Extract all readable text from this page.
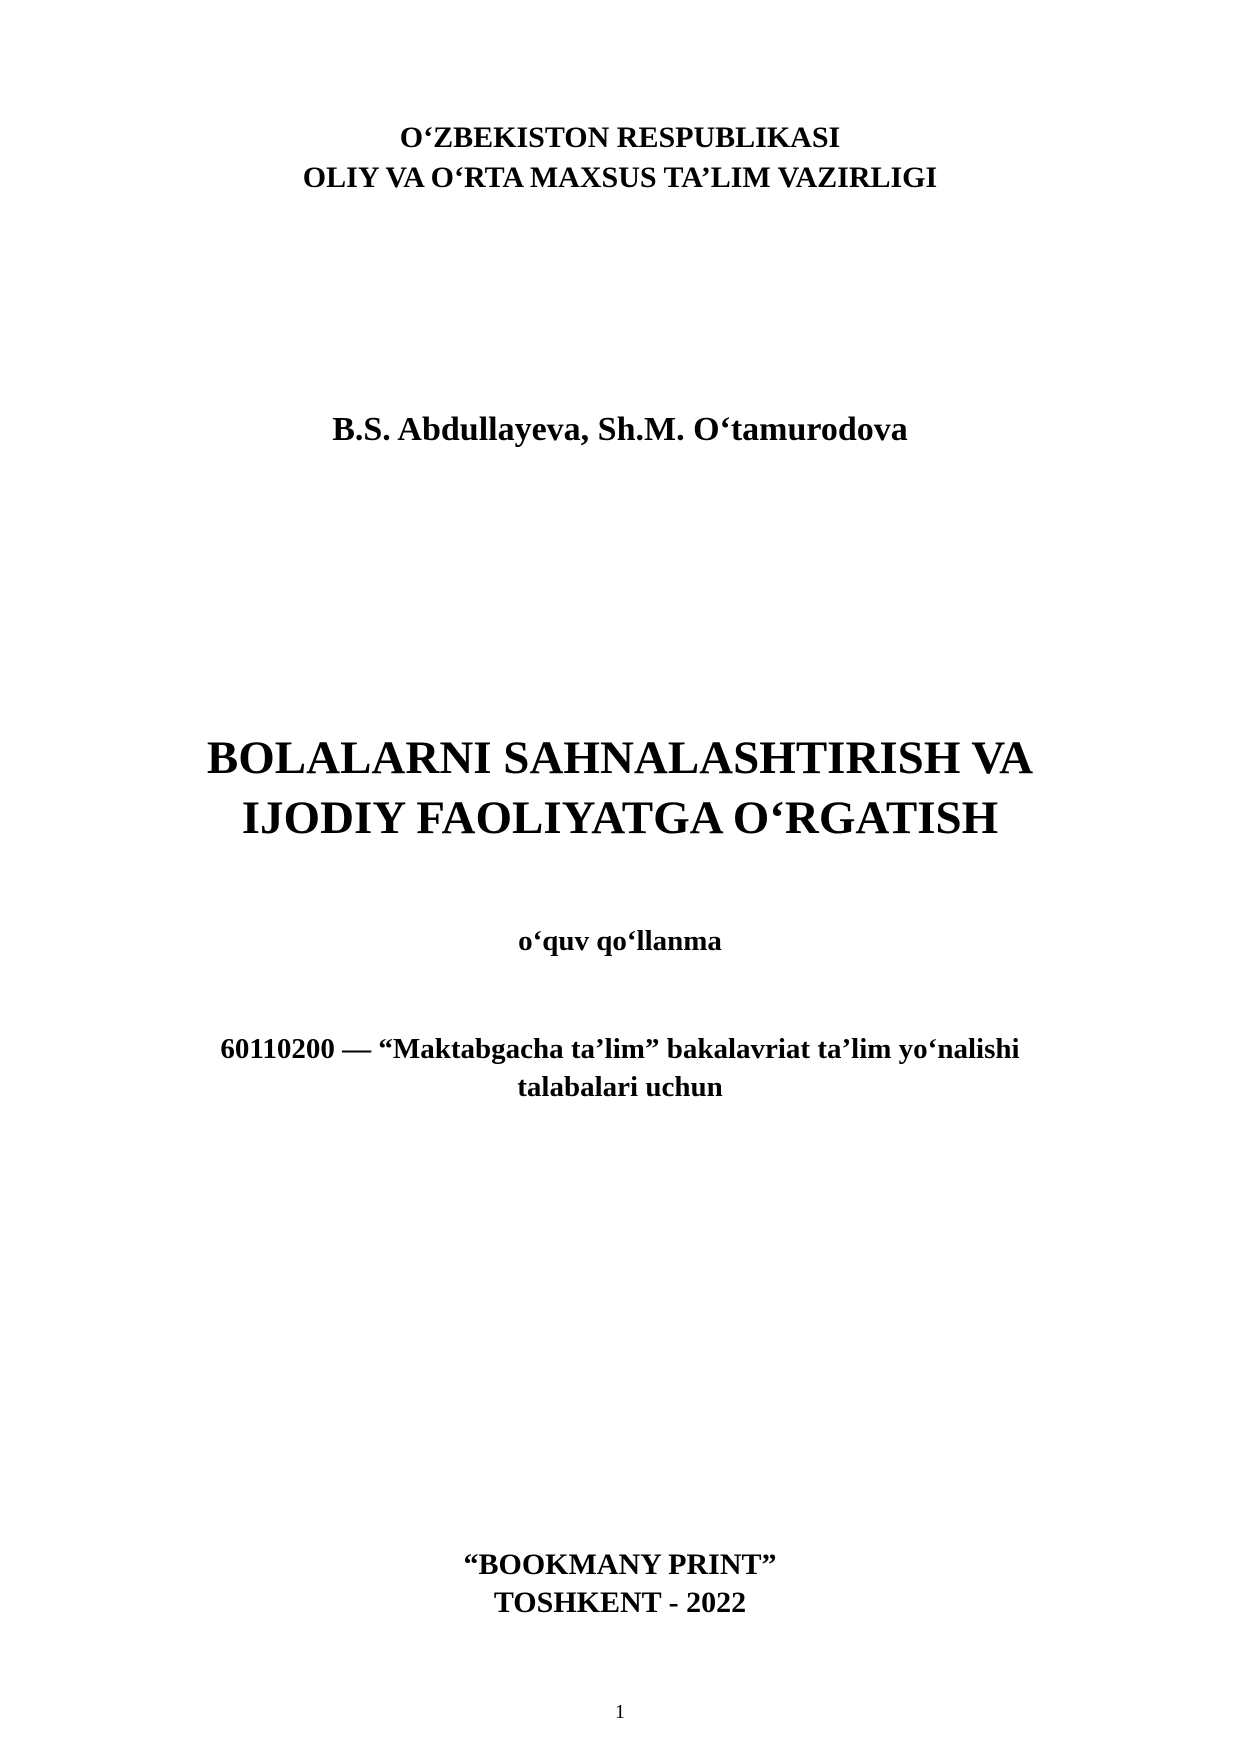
O‘ZBEKISTON RESPUBLIKASI
OLIY VA O‘RTA MAXSUS TA’LIM VAZIRLIGI
B.S. Abdullayeva, Sh.M. O‘tamurodova
BOLALARNI SAHNALASHTIRISH VA
IJODIY FAOLIYATGA O‘RGATISH
o‘quv qo‘llanma
60110200 — “Maktabgacha ta’lim” bakalavriat ta’lim yo‘nalishi
talabalari uchun
“BOOKMANY PRINT”
TOSHKENT - 2022
1
